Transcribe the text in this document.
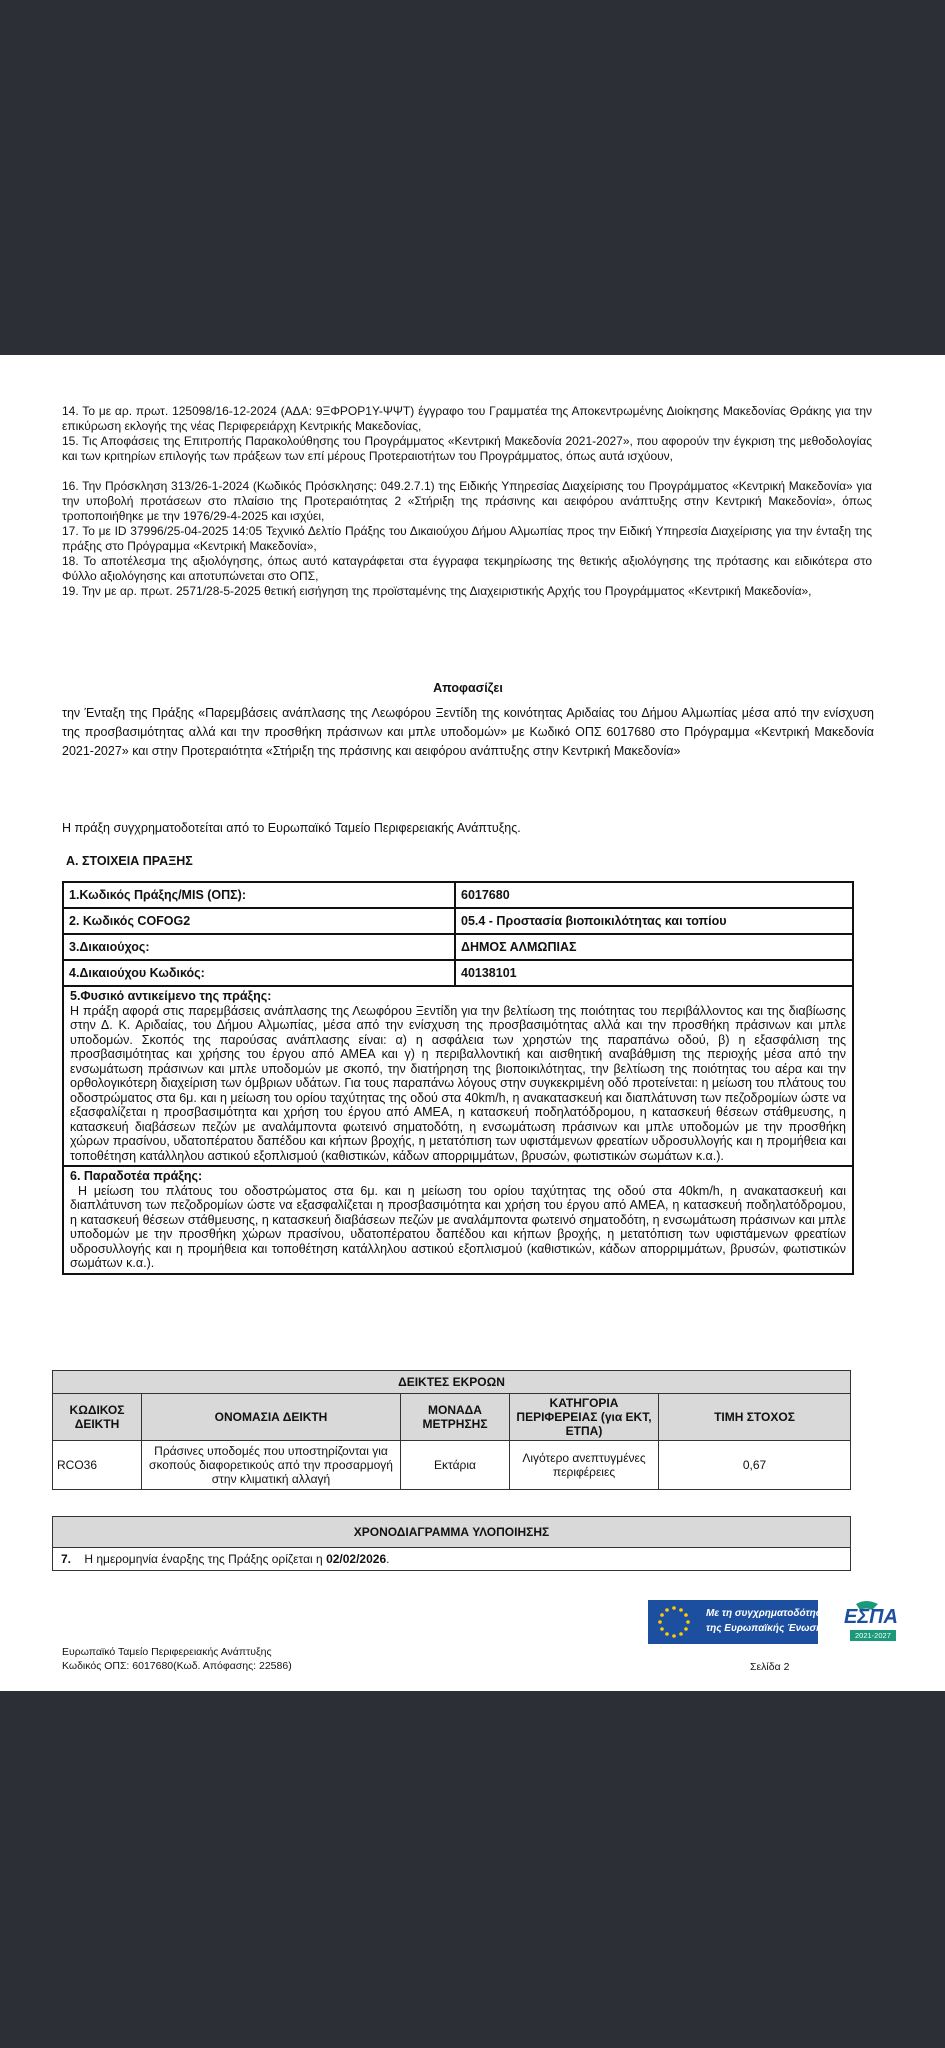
14. Το με αρ. πρωτ. 125098/16-12-2024 (ΑΔΑ: 9ΞΦΡΟΡ1Υ-ΨΨΤ) έγγραφο του Γραμματέα της Αποκεντρωμένης Διοίκησης Μακεδονίας Θράκης για την επικύρωση εκλογής της νέας Περιφερειάρχη Κεντρικής Μακεδονίας,
15. Τις Αποφάσεις της Επιτροπής Παρακολούθησης του Προγράμματος «Κεντρική Μακεδονία 2021-2027», που αφορούν την έγκριση της μεθοδολογίας και των κριτηρίων επιλογής των πράξεων των επί μέρους Προτεραιοτήτων του Προγράμματος, όπως αυτά ισχύουν,
16. Την Πρόσκληση 313/26-1-2024 (Κωδικός Πρόσκλησης: 049.2.7.1) της Ειδικής Υπηρεσίας Διαχείρισης του Προγράμματος «Κεντρική Μακεδονία» για την υποβολή προτάσεων στο πλαίσιο της Προτεραιότητας 2 «Στήριξη της πράσινης και αειφόρου ανάπτυξης στην Κεντρική Μακεδονία», όπως τροποποιήθηκε με την 1976/29-4-2025 και ισχύει,
17. Το με ID 37996/25-04-2025 14:05 Τεχνικό Δελτίο Πράξης του Δικαιούχου Δήμου Αλμωπίας προς την Ειδική Υπηρεσία Διαχείρισης για την ένταξη της πράξης στο Πρόγραμμα «Κεντρική Μακεδονία»,
18. Το αποτέλεσμα της αξιολόγησης, όπως αυτό καταγράφεται στα έγγραφα τεκμηρίωσης της θετικής αξιολόγησης της πρότασης και ειδικότερα στο Φύλλο αξιολόγησης και αποτυπώνεται στο ΟΠΣ,
19. Την με αρ. πρωτ. 2571/28-5-2025 θετική εισήγηση της προϊσταμένης της Διαχειριστικής Αρχής του Προγράμματος «Κεντρική Μακεδονία»,
Αποφασίζει
την Ένταξη της Πράξης «Παρεμβάσεις ανάπλασης της Λεωφόρου Ξεντίδη της κοινότητας Αριδαίας του Δήμου Αλμωπίας μέσα από την ενίσχυση της προσβασιμότητας αλλά και την προσθήκη πράσινων και μπλε υποδομών» με Κωδικό ΟΠΣ 6017680 στο Πρόγραμμα «Κεντρική Μακεδονία 2021-2027» και στην Προτεραιότητα «Στήριξη της πράσινης και αειφόρου ανάπτυξης στην Κεντρική Μακεδονία»
Η πράξη συγχρηματοδοτείται από το Ευρωπαϊκό Ταμείο Περιφερειακής Ανάπτυξης.
Α. ΣΤΟΙΧΕΙΑ ΠΡΑΞΗΣ
1.Κωδικός Πράξης/MIS (ΟΠΣ):	6017680
2. Κωδικός COFOG2	05.4 - Προστασία βιοποικιλότητας και τοπίου
3.Δικαιούχος:	ΔΗΜΟΣ ΑΛΜΩΠΙΑΣ
4.Δικαιούχου Κωδικός:	40138101

5.Φυσικό αντικείμενο της πράξης:
Η πράξη αφορά στις παρεμβάσεις ανάπλασης της Λεωφόρου Ξεντίδη για την βελτίωση της ποιότητας του περιβάλλοντος και της διαβίωσης στην Δ. Κ. Αριδαίας, του Δήμου Αλμωπίας, μέσα από την ενίσχυση της προσβασιμότητας αλλά και την προσθήκη πράσινων και μπλε υποδομών. Σκοπός της παρούσας ανάπλασης είναι: α) η ασφάλεια των χρηστών της παραπάνω οδού, β) η εξασφάλιση της προσβασιμότητας και χρήσης του έργου από ΑΜΕΑ και γ) η περιβαλλοντική και αισθητική αναβάθμιση της περιοχής μέσα από την ενσωμάτωση πράσινων και μπλε υποδομών με σκοπό, την διατήρηση της βιοποικιλότητας, την βελτίωση της ποιότητας του αέρα και την ορθολογικότερη διαχείριση των όμβριων υδάτων. Για τους παραπάνω λόγους στην συγκεκριμένη οδό προτείνεται: η μείωση του πλάτους του οδοστρώματος στα 6μ. και η μείωση του ορίου ταχύτητας της οδού στα 40km/h, η ανακατασκευή και διαπλάτυνση των πεζοδρομίων ώστε να εξασφαλίζεται η προσβασιμότητα και χρήση του έργου από ΑΜΕΑ, η κατασκευή ποδηλατόδρομου, η κατασκευή θέσεων στάθμευσης, η κατασκευή διαβάσεων πεζών με αναλάμποντα φωτεινό σηματοδότη, η ενσωμάτωση πράσινων και μπλε υποδομών με την προσθήκη χώρων πρασίνου, υδατοπέρατου δαπέδου και κήπων βροχής, η μετατόπιση των υφιστάμενων φρεατίων υδροσυλλογής και η προμήθεια και τοποθέτηση κατάλληλου αστικού εξοπλισμού (καθιστικών, κάδων απορριμμάτων, βρυσών, φωτιστικών σωμάτων κ.α.).	

6. Παραδοτέα πράξης:
Η μείωση του πλάτους του οδοστρώματος στα 6μ. και η μείωση του ορίου ταχύτητας της οδού στα 40km/h, η ανακατασκευή και διαπλάτυνση των πεζοδρομίων ώστε να εξασφαλίζεται η προσβασιμότητα και χρήση του έργου από ΑΜΕΑ, η κατασκευή ποδηλατόδρομου, η κατασκευή θέσεων στάθμευσης, η κατασκευή διαβάσεων πεζών με αναλάμποντα φωτεινό σηματοδότη, η ενσωμάτωση πράσινων και μπλε υποδομών με την προσθήκη χώρων πρασίνου, υδατοπέρατου δαπέδου και κήπων βροχής, η μετατόπιση των υφιστάμενων φρεατίων υδροσυλλογής και η προμήθεια και τοποθέτηση κατάλληλου αστικού εξοπλισμού (καθιστικών, κάδων απορριμμάτων, βρυσών, φωτιστικών σωμάτων κ.α.).	
ΔΕΙΚΤΕΣ ΕΚΡΟΩΝ				
ΚΩΔΙΚΟΣ ΔΕΙΚΤΗ	ΟΝΟΜΑΣΙΑ ΔΕΙΚΤΗ	ΜΟΝΑΔΑ ΜΕΤΡΗΣΗΣ	ΚΑΤΗΓΟΡΙΑ ΠΕΡΙΦΕΡΕΙΑΣ (για ΕΚΤ, ΕΤΠΑ)	ΤΙΜΗ ΣΤΟΧΟΣ
RCO36	Πράσινες υποδομές που υποστηρίζονται για σκοπούς διαφορετικούς από την προσαρμογή στην κλιματική αλλαγή	Εκτάρια	Λιγότερο ανεπτυγμένες περιφέρειες	0,67
ΧΡΟΝΟΔΙΑΓΡΑΜΜΑ ΥΛΟΠΟΙΗΣΗΣ
7. Η ημερομηνία έναρξης της Πράξης ορίζεται η 02/02/2026.
Με τη συγχρηματοδότηση
της Ευρωπαϊκής Ένωσης
ΕΣΠΑ
2021-2027
Ευρωπαϊκό Ταμείο Περιφερειακής Ανάπτυξης
Κωδικός ΟΠΣ: 6017680(Κωδ. Απόφασης: 22586)	Σελίδα 2
